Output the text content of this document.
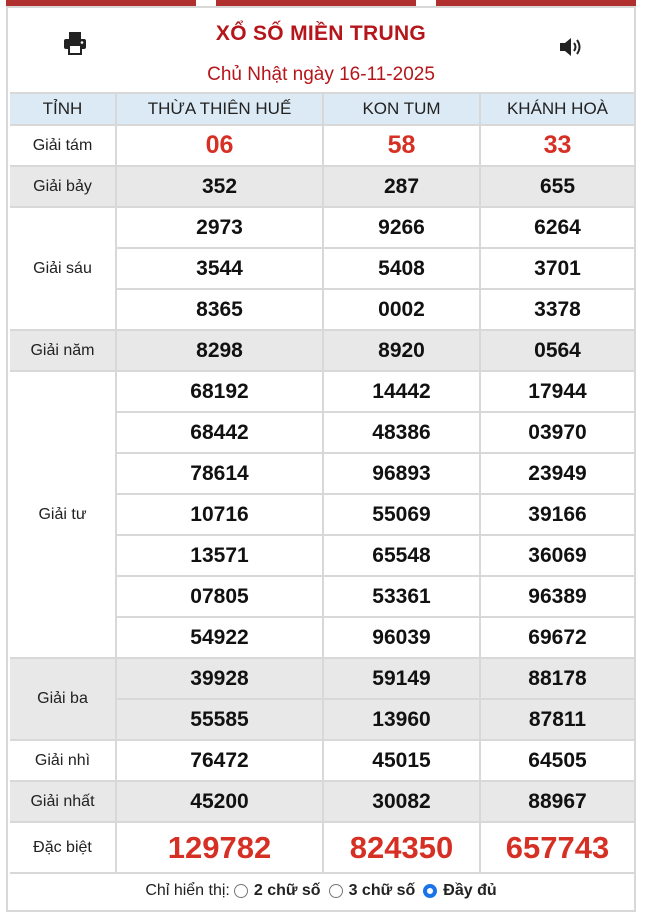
XỔ SỐ MIỀN TRUNG
Chủ Nhật ngày 16-11-2025
TỈNH	THỪA THIÊN HUẾ	KON TUM	KHÁNH HOÀ
Giải tám	06	58	33
Giải bảy	352	287	655
Giải sáu	2973	9266	6264
	3544	5408	3701
	8365	0002	3378
Giải năm	8298	8920	0564
Giải tư	68192	14442	17944
	68442	48386	03970
	78614	96893	23949
	10716	55069	39166
	13571	65548	36069
	07805	53361	96389
	54922	96039	69672
Giải ba	39928	59149	88178
	55585	13960	87811
Giải nhì	76472	45015	64505
Giải nhất	45200	30082	88967
Đặc biệt	129782	824350	657743
Chỉ hiển thị: 2 chữ số 3 chữ số Đầy đủ
